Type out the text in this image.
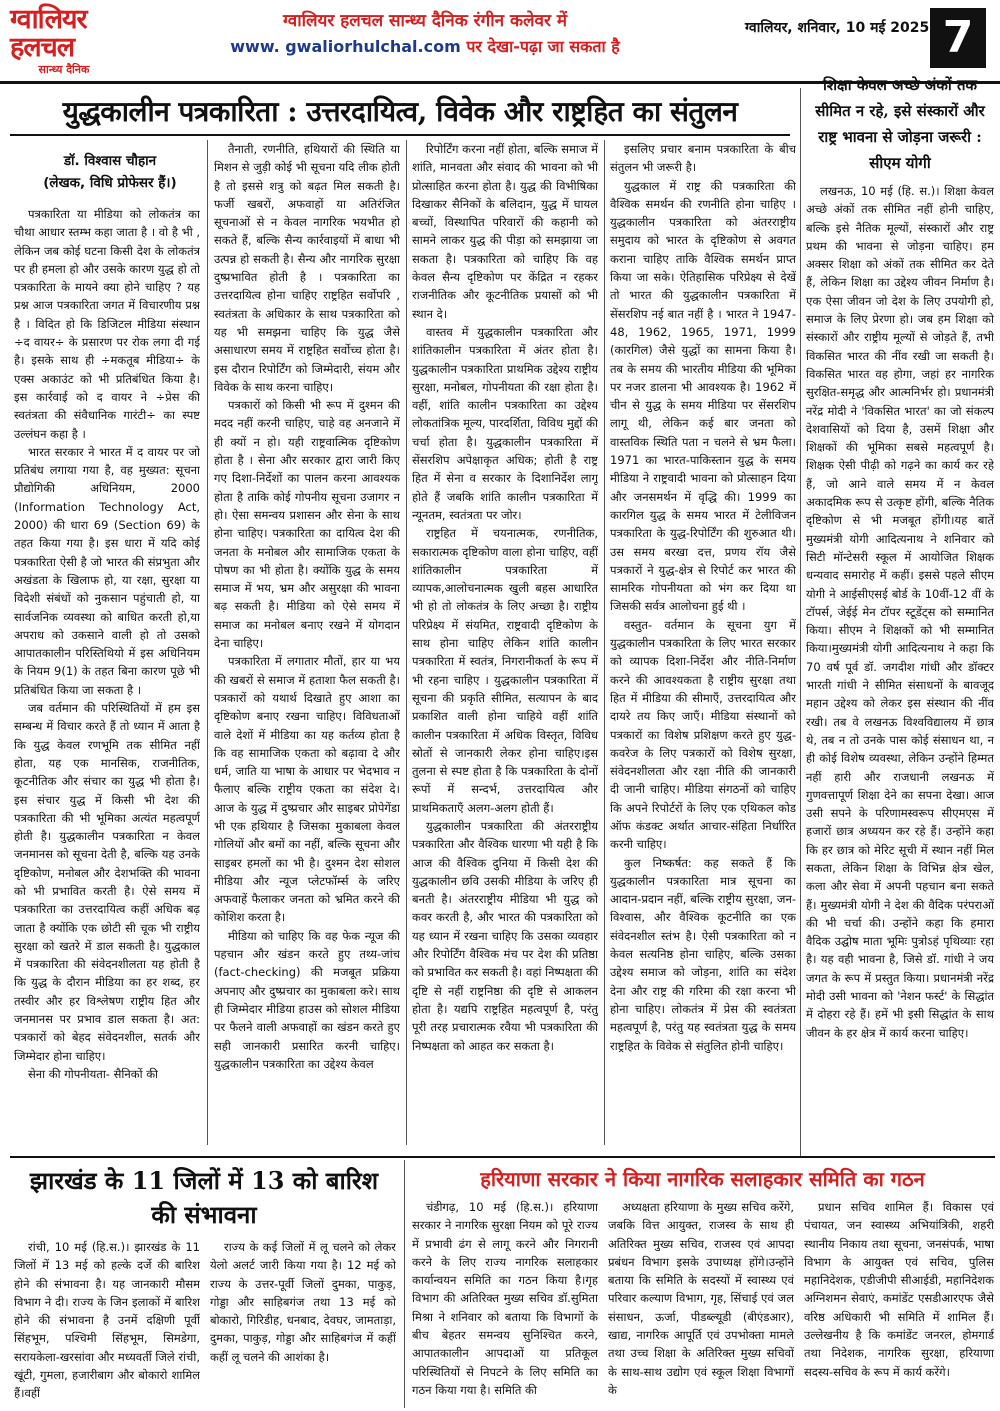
ग्वालियर
हलचल
सान्ध्य दैनिक
ग्वालियर हलचल सान्ध्य दैनिक रंगीन कलेवर में
www. gwaliorhulchal.com पर देखा-पढ़ा जा सकता है
ग्वालियर, शनिवार, 10 मई 2025 7
युद्धकालीन पत्रकारिता : उत्तरदायित्व, विवेक और राष्ट्रहित का संतुलन
डॉ. विश्वास चौहान
(लेखक, विधि प्रोफेसर हैं।)

पत्रकारिता या मीडिया को लोकतंत्र का चौथा आधार स्तम्भ कहा जाता है । वो है भी , लेकिन जब कोई घटना किसी देश के लोकतंत्र पर ही हमला हो और उसके कारण युद्ध हो तो पत्रकारिता के मायने क्या होने चाहिए ? यह प्रश्न आज पत्रकारिता जगत में विचारणीय प्रश्न है । विदित हो कि डिजिटल मीडिया संस्थान ÷द वायर÷ के प्रसारण पर रोक लगा दी गई है। इसके साथ ही ÷मकतूब मीडिया÷ के एक्स अकाउंट को भी प्रतिबंधित किया है। इस कार्रवाई को द वायर ने ÷प्रेस की स्वतंत्रता की संवैधानिक गारंटी÷ का स्पष्ट उल्लंघन कहा है ।

भारत सरकार ने भारत में द वायर पर जो प्रतिबंध लगाया गया है, वह मुख्यत: सूचना प्रौद्योगिकी अधिनियम, 2000 (Information Technology Act, 2000) की धारा 69 (Section 69) के तहत किया गया है। इस धारा में यदि कोई पत्रकारिता ऐसी है जो भारत की संप्रभुता और अखंडता के खिलाफ हो, या रक्षा, सुरक्षा या विदेशी संबंधों को नुकसान पहुंचाती हो, या सार्वजनिक व्यवस्था को बाधित करती हो,या अपराध को उकसाने वाली हो तो उसको आपातकालीन परिस्तिथियो में इस अधिनियम के नियम 9(1) के तहत बिना कारण पूछे भी प्रतिबंधित किया जा सकता है ।

जब वर्तमान की परिस्थितियों में हम इस सम्बन्ध में विचार करते हैं तो ध्यान में आता है कि युद्ध केवल रणभूमि तक सीमित नहीं होता, यह एक मानसिक, राजनीतिक, कूटनीतिक और संचार का युद्ध भी होता है। इस संचार युद्ध में किसी भी देश की पत्रकारिता की भी भूमिका अत्यंत महत्वपूर्ण होती है। युद्धकालीन पत्रकारिता न केवल जनमानस को सूचना देती है, बल्कि यह उनके दृष्टिकोण, मनोबल और देशभक्ति की भावना को भी प्रभावित करती है। ऐसे समय में पत्रकारिता का उत्तरदायित्व कहीं अधिक बढ़ जाता है क्योंकि एक छोटी सी चूक भी राष्ट्रीय सुरक्षा को खतरे में डाल सकती है। युद्धकाल में पत्रकारिता की संवेदनशीलता यह होती है कि युद्ध के दौरान मीडिया का हर शब्द, हर तस्वीर और हर विश्लेषण राष्ट्रीय हित और जनमानस पर प्रभाव डाल सकता है। अत: पत्रकारों को बेहद संवेदनशील, सतर्क और जिम्मेदार होना चाहिए।

सेना की गोपनीयता- सैनिकों की

तैनाती, रणनीति, हथियारों की स्थिति या मिशन से जुड़ी कोई भी सूचना यदि लीक होती है तो इससे शत्रु को बढ़त मिल सकती है। फर्जी खबरों, अफवाहों या अतिरंजित सूचनाओं से न केवल नागरिक भयभीत हो सकते हैं, बल्कि सैन्य कार्रवाइयों में बाधा भी उत्पन्न हो सकती है। सैन्य और नागरिक सुरक्षा दुष्प्रभावित होती है । पत्रकारिता का उत्तरदायित्व होना चाहिए राष्ट्रहित सर्वोपरि , स्वतंत्रता के अधिकार के साथ पत्रकारिता को यह भी समझना चाहिए कि युद्ध जैसे असाधारण समय में राष्ट्रहित सर्वोच्च होता है। इस दौरान रिपोर्टिंग को जिम्मेदारी, संयम और विवेक के साथ करना चाहिए।

पत्रकारों को किसी भी रूप में दुश्मन की मदद नहीं करनी चाहिए, चाहे वह अनजाने में ही क्यों न हो। यही राष्ट्रवात्मिक दृष्टिकोण होता है । सेना और सरकार द्वारा जारी किए गए दिशा-निर्देशों का पालन करना आवश्यक होता है ताकि कोई गोपनीय सूचना उजागर न हो। ऐसा समन्वय प्रशासन और सेना के साथ होना चाहिए। पत्रकारिता का दायित्व देश की जनता के मनोबल और सामाजिक एकता के पोषण का भी होता है। क्योंकि युद्ध के समय समाज में भय, भ्रम और असुरक्षा की भावना बढ़ सकती है। मीडिया को ऐसे समय में समाज का मनोबल बनाए रखने में योगदान देना चाहिए।

पत्रकारिता में लगातार मौतों, हार या भय की खबरों से समाज में हताशा फैल सकती है। पत्रकारों को यथार्थ दिखाते हुए आशा का दृष्टिकोण बनाए रखना चाहिए। विविधताओं वाले देशों में मीडिया का यह कर्तव्य होता है कि वह सामाजिक एकता को बढ़ावा दे और धर्म, जाति या भाषा के आधार पर भेदभाव न फैलाए बल्कि राष्ट्रीय एकता का संदेश दे। आज के युद्ध में दुष्प्रचार और साइबर प्रोपेगेंडा भी एक हथियार है जिसका मुकाबला केवल गोलियों और बमों का नहीं, बल्कि सूचना और साइबर हमलों का भी है। दुश्मन देश सोशल मीडिया और न्यूज प्लेटफॉर्म्स के जरिए अफवाहें फैलाकर जनता को भ्रमित करने की कोशिश करता है।

मीडिया को चाहिए कि वह फेक न्यूज की पहचान और खंडन करते हुए तथ्य-जांच (fact-checking) की मजबूत प्रक्रिया अपनाए और दुष्प्रचार का मुकाबला करे। साथ ही जिम्मेदार मीडिया हाउस को सोशल मीडिया पर फैलने वाली अफवाहों का खंडन करते हुए सही जानकारी प्रसारित करनी चाहिए। युद्धकालीन पत्रकारिता का उद्देश्य केवल

रिपोर्टिंग करना नहीं होता, बल्कि समाज में शांति, मानवता और संवाद की भावना को भी प्रोत्साहित करना होता है। युद्ध की विभीषिका दिखाकर सैनिकों के बलिदान, युद्ध में घायल बच्चों, विस्थापित परिवारों की कहानी को सामने लाकर युद्ध की पीड़ा को समझाया जा सकता है। पत्रकारिता को चाहिए कि वह केवल सैन्य दृष्टिकोण पर केंद्रित न रहकर राजनीतिक और कूटनीतिक प्रयासों को भी स्थान दे।

वास्तव में युद्धकालीन पत्रकारिता और शांतिकालीन पत्रकारिता में अंतर होता है। युद्धकालीन पत्रकारिता प्राथमिक उद्देश्य राष्ट्रीय सुरक्षा, मनोबल, गोपनीयता की रक्षा होता है। वहीं, शांति कालीन पत्रकारिता का उद्देश्य लोकतांत्रिक मूल्य, पारदर्शिता, विविध मुद्दों की चर्चा होता है। युद्धकालीन पत्रकारिता में सेंसरशिप अपेक्षाकृत अधिक; होती है राष्ट्र हित में सेना व सरकार के दिशानिर्देश लागू होते हैं जबकि शांति कालीन पत्रकारिता में न्यूनतम, स्वतंत्रता पर जोर।

राष्ट्रहित में चयनात्मक, रणनीतिक, सकारात्मक दृष्टिकोण वाला होना चाहिए, वहीं शांतिकालीन पत्रकारिता में व्यापक,आलोचनात्मक खुली बहस आधारित भी हो तो लोकतंत्र के लिए अच्छा है। राष्ट्रीय परिप्रेक्ष्य में संयमित, राष्ट्रवादी दृष्टिकोण के साथ होना चाहिए लेकिन शांति कालीन पत्रकारिता में स्वतंत्र, निगरानीकर्ता के रूप में भी रहना चाहिए । युद्धकालीन पत्रकारिता में सूचना की प्रकृति सीमित, सत्यापन के बाद प्रकाशित वाली होना चाहिये वहीं शांति कालीन पत्रकारिता में अधिक विस्तृत, विविध स्रोतों से जानकारी लेकर होना चाहिए।इस तुलना से स्पष्ट होता है कि पत्रकारिता के दोनों रूपों में सन्दर्भ, उत्तरदायित्व और प्राथमिकताएँ अलग-अलग होती हैं।

युद्धकालीन पत्रकारिता की अंतरराष्ट्रीय पत्रकारिता और वैश्विक धारणा भी यही है कि आज की वैश्विक दुनिया में किसी देश की युद्धकालीन छवि उसकी मीडिया के जरिए ही बनती है। अंतरराष्ट्रीय मीडिया भी युद्ध को कवर करती है, और भारत की पत्रकारिता को यह ध्यान में रखना चाहिए कि उसका व्यवहार और रिपोर्टिंग वैश्विक मंच पर देश की प्रतिष्ठा को प्रभावित कर सकती है। वहां निष्पक्षता की दृष्टि से नहीं राष्ट्रनिष्ठा की दृष्टि से आकलन होता है। यद्यपि राष्ट्रहित महत्वपूर्ण है, परंतु पूरी तरह प्रचारात्मक रवैया भी पत्रकारिता की निष्पक्षता को आहत कर सकता है।

इसलिए प्रचार बनाम पत्रकारिता के बीच संतुलन भी जरूरी है।

युद्धकाल में राष्ट्र की पत्रकारिता की वैश्विक समर्थन की रणनीति होना चाहिए । युद्धकालीन पत्रकारिता को अंतरराष्ट्रीय समुदाय को भारत के दृष्टिकोण से अवगत कराना चाहिए ताकि वैश्विक समर्थन प्राप्त किया जा सके। ऐतिहासिक परिप्रेक्ष्य से देखें तो भारत की युद्धकालीन पत्रकारिता में सेंसरशिप नई बात नहीं है । भारत ने 1947-48, 1962, 1965, 1971, 1999 (कारगिल) जैसे युद्धों का सामना किया है। तब के समय की भारतीय मीडिया की भूमिका पर नजर डालना भी आवश्यक है। 1962 में चीन से युद्ध के समय मीडिया पर सेंसरशिप लागू थी, लेकिन कई बार जनता को वास्तविक स्थिति पता न चलने से भ्रम फैला। 1971 का भारत-पाकिस्तान युद्ध के समय मीडिया ने राष्ट्रवादी भावना को प्रोत्साहन दिया और जनसमर्थन में वृद्धि की। 1999 का कारगिल युद्ध के समय भारत में टेलीविजन पत्रकारिता के युद्ध-रिपोर्टिंग की शुरुआत थी। उस समय बरखा दत्त, प्रणय रॉय जैसे पत्रकारों ने युद्ध-क्षेत्र से रिपोर्ट कर भारत की सामरिक गोपनीयता को भंग कर दिया था जिसकी सर्वत्र आलोचना हुई थी ।

वस्तुत- वर्तमान के सूचना युग में युद्धकालीन पत्रकारिता के लिए भारत सरकार को व्यापक दिशा-निर्देश और नीति-निर्माण करने की आवश्यकता है राष्ट्रीय सुरक्षा तथा हित में मीडिया की सीमाएँ, उत्तरदायित्व और दायरे तय किए जाएँ। मीडिया संस्थानों को पत्रकारों का विशेष प्रशिक्षण करते हुए युद्ध-कवरेज के लिए पत्रकारों को विशेष सुरक्षा, संवेदनशीलता और रक्षा नीति की जानकारी दी जानी चाहिए। मीडिया संगठनों को चाहिए कि अपने रिपोर्टरों के लिए एक एथिकल कोड ऑफ कंडक्ट अर्थात आचार-संहिता निर्धारित करनी चाहिए।

कुल निष्कर्षत: कह सकते हैं कि युद्धकालीन पत्रकारिता मात्र सूचना का आदान-प्रदान नहीं, बल्कि राष्ट्रीय सुरक्षा, जन-विश्वास, और वैश्विक कूटनीति का एक संवेदनशील स्तंभ है। ऐसी पत्रकारिता को न केवल सत्यनिष्ठ होना चाहिए, बल्कि उसका उद्देश्य समाज को जोड़ना, शांति का संदेश देना और राष्ट्र की गरिमा की रक्षा करना भी होना चाहिए। लोकतंत्र में प्रेस की स्वतंत्रता महत्वपूर्ण है, परंतु यह स्वतंत्रता युद्ध के समय राष्ट्रहित के विवेक से संतुलित होनी चाहिए।

शिक्षा केवल अच्छे अंकों तक सीमित न रहे, इसे संस्कारों और राष्ट्र भावना से जोड़ना जरूरी : सीएम योगी

लखनऊ, 10 मई (हि. स.)। शिक्षा केवल अच्छे अंकों तक सीमित नहीं होनी चाहिए, बल्कि इसे नैतिक मूल्यों, संस्कारों और राष्ट्र प्रथम की भावना से जोड़ना चाहिए। हम अक्सर शिक्षा को अंकों तक सीमित कर देते हैं, लेकिन शिक्षा का उद्देश्य जीवन निर्माण है। एक ऐसा जीवन जो देश के लिए उपयोगी हो, समाज के लिए प्रेरणा हो। जब हम शिक्षा को संस्कारों और राष्ट्रीय मूल्यों से जोड़ते हैं, तभी विकसित भारत की नींव रखी जा सकती है। विकसित भारत वह होगा, जहां हर नागरिक सुरक्षित-समृद्ध और आत्मनिर्भर हो। प्रधानमंत्री नरेंद्र मोदी ने 'विकसित भारत' का जो संकल्प देशवासियों को दिया है, उसमें शिक्षा और शिक्षकों की भूमिका सबसे महत्वपूर्ण है। शिक्षक ऐसी पीढ़ी को गढ़ने का कार्य कर रहे हैं, जो आने वाले समय में न केवल अकादमिक रूप से उत्कृष्ट होंगी, बल्कि नैतिक दृष्टिकोण से भी मजबूत होंगी।यह बातें मुख्यमंत्री योगी आदित्यनाथ ने शनिवार को सिटी मॉन्टेसरी स्कूल में आयोजित शिक्षक धन्यवाद समारोह में कहीं। इससे पहले सीएम योगी ने आईसीएसई बोर्ड के 10वीं-12 वीं के टॉपर्स, जेईई मेन टॉपर स्टूडेंट्स को सम्मानित किया। सीएम ने शिक्षकों को भी सम्मानित किया।मुख्यमंत्री योगी आदित्यनाथ ने कहा कि 70 वर्ष पूर्व डॉ. जगदीश गांधी और डॉक्टर भारती गांधी ने सीमित संसाधनों के बावजूद महान उद्देश्य को लेकर इस संस्थान की नींव रखी। तब वे लखनऊ विश्वविद्यालय में छात्र थे, तब न तो उनके पास कोई संसाधन था, न ही कोई विशेष व्यवस्था, लेकिन उन्होंने हिम्मत नहीं हारी और राजधानी लखनऊ में गुणवत्तापूर्ण शिक्षा देने का सपना देखा। आज उसी सपने के परिणामस्वरूप सीएमएस में हजारों छात्र अध्ययन कर रहे हैं। उन्होंने कहा कि हर छात्र को मेरिट सूची में स्थान नहीं मिल सकता, लेकिन शिक्षा के विभिन्न क्षेत्र खेल, कला और सेवा में अपनी पहचान बना सकते हैं। मुख्यमंत्री योगी ने देश की वैदिक परंपराओं की भी चर्चा की। उन्होंने कहा कि हमारा वैदिक उद्घोष माता भूमिः पुत्रोऽहं पृथिव्याः रहा है। यह वही भावना है, जिसे डॉ. गांधी ने जय जगत के रूप में प्रस्तुत किया। प्रधानमंत्री नरेंद्र मोदी उसी भावना को 'नेशन फर्स्ट' के सिद्धांत में दोहरा रहे हैं। हमें भी इसी सिद्धांत के साथ जीवन के हर क्षेत्र में कार्य करना चाहिए।

झारखंड के 11 जिलों में 13 को बारिश की संभावना

रांची, 10 मई (हि.स.)। झारखंड के 11 जिलों में 13 मई को हल्के दर्जे की बारिश होने की संभावना है। यह जानकारी मौसम विभाग ने दी। राज्य के जिन इलाकों में बारिश होने की संभावना है उनमें दक्षिणी पूर्वी सिंहभूम, पश्चिमी सिंहभूम, सिमडेगा, सरायकेला-खरसांवा और मध्यवर्ती जिले रांची, खूंटी, गुमला, हजारीबाग और बोकारो शामिल हैं।वहीं

राज्य के कई जिलों में लू चलने को लेकर येलो अलर्ट जारी किया गया है। 12 मई को राज्य के उत्तर-पूर्वी जिलों दुमका, पाकुड़, गोड्डा और साहिबगंज तथा 13 मई को बोकारो, गिरिडीह, धनबाद, देवघर, जामताड़ा, दुमका, पाकुड़, गोड्डा और साहिबगंज में कहीं कहीं लू चलने की आशंका है।

हरियाणा सरकार ने किया नागरिक सलाहकार समिति का गठन

चंडीगढ़, 10 मई (हि.स.)। हरियाणा सरकार ने नागरिक सुरक्षा नियम को पूरे राज्य में प्रभावी ढंग से लागू करने और निगरानी करने के लिए राज्य नागरिक सलाहकार कार्यान्वयन समिति का गठन किया है।गृह विभाग की अतिरिक्त मुख्य सचिव डॉ.सुमिता मिश्रा ने शनिवार को बताया कि विभागों के बीच बेहतर समन्वय सुनिश्चित करने, आपातकालीन आपदाओं या प्रतिकूल परिस्थितियों से निपटने के लिए समिति का गठन किया गया है। समिति की

अध्यक्षता हरियाणा के मुख्य सचिव करेंगे, जबकि वित्त आयुक्त, राजस्व के साथ ही अतिरिक्त मुख्य सचिव, राजस्व एवं आपदा प्रबंधन विभाग इसके उपाध्यक्ष होंगे।उन्होंने बताया कि समिति के सदस्यों में स्वास्थ्य एवं परिवार कल्याण विभाग, गृह, सिंचाई एवं जल संसाधन, ऊर्जा, पीडब्ल्यूडी (बीएंडआर), खाद्य, नागरिक आपूर्ति एवं उपभोक्ता मामले तथा उच्च शिक्षा के अतिरिक्त मुख्य सचिवों के साथ-साथ उद्योग एवं स्कूल शिक्षा विभागों के

प्रधान सचिव शामिल हैं। विकास एवं पंचायत, जन स्वास्थ्य अभियांत्रिकी, शहरी स्थानीय निकाय तथा सूचना, जनसंपर्क, भाषा विभाग के आयुक्त एवं सचिव, पुलिस महानिदेशक, एडीजीपी सीआईडी, महानिदेशक अग्निशमन सेवाएं, कमांडेंट एसडीआरएफ जैसे वरिष्ठ अधिकारी भी समिति में शामिल हैं। उल्लेखनीय है कि कमांडेंट जनरल, होमगार्ड तथा निदेशक, नागरिक सुरक्षा, हरियाणा सदस्य-सचिव के रूप में कार्य करेंगे।
